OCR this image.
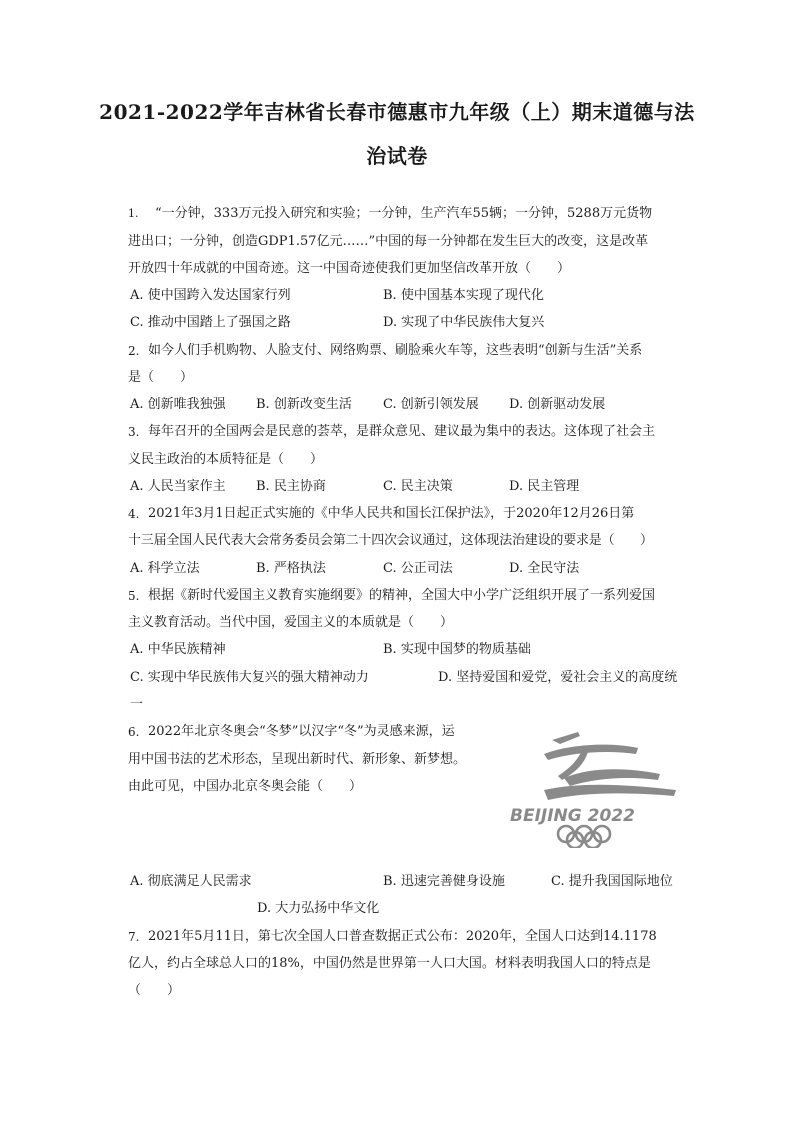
2021-2022学年吉林省长春市德惠市九年级（上）期末道德与法
治试卷
1. “一分钟，333万元投入研究和实验；一分钟，生产汽车55辆；一分钟，5288万元货物
进出口；一分钟，创造GDP1.57亿元……”中国的每一分钟都在发生巨大的改变，这是改革
开放四十年成就的中国奇迹。这一中国奇迹使我们更加坚信改革开放（　　）
A. 使中国跨入发达国家行列	B. 使中国基本实现了现代化
C. 推动中国踏上了强国之路	D. 实现了中华民族伟大复兴
2. 如今人们手机购物、人脸支付、网络购票、刷脸乘火车等，这些表明“创新与生活”关系
是（　　）
A. 创新唯我独强 B. 创新改变生活 C. 创新引领发展 D. 创新驱动发展
3. 每年召开的全国两会是民意的荟萃，是群众意见、建议最为集中的表达。这体现了社会主
义民主政治的本质特征是（　　）
A. 人民当家作主 B. 民主协商	C. 民主决策	D. 民主管理
4. 2021年3月1日起正式实施的《中华人民共和国长江保护法》，于2020年12月26日第
十三届全国人民代表大会常务委员会第二十四次会议通过，这体现法治建设的要求是（　　）
A. 科学立法	B. 严格执法	C. 公正司法	D. 全民守法
5. 根据《新时代爱国主义教育实施纲要》的精神，全国大中小学广泛组织开展了一系列爱国
主义教育活动。当代中国，爱国主义的本质就是（　　）
A. 中华民族精神	B. 实现中国梦的物质基础
C. 实现中华民族伟大复兴的强大精神动力	D. 坚持爱国和爱党，爱社会主义的高度统
一
6. 2022年北京冬奥会“冬梦”以汉字“冬”为灵感来源，运
用中国书法的艺术形态，呈现出新时代、新形象、新梦想。
由此可见，中国办北京冬奥会能（　　）
BEIJING 2022
A. 彻底满足人民需求	B. 迅速完善健身设施	C. 提升我国国际地位
D. 大力弘扬中华文化
7. 2021年5月11日，第七次全国人口普查数据正式公布：2020年，全国人口达到14.1178
亿人，约占全球总人口的18%，中国仍然是世界第一人口大国。材料表明我国人口的特点是
（　　）
